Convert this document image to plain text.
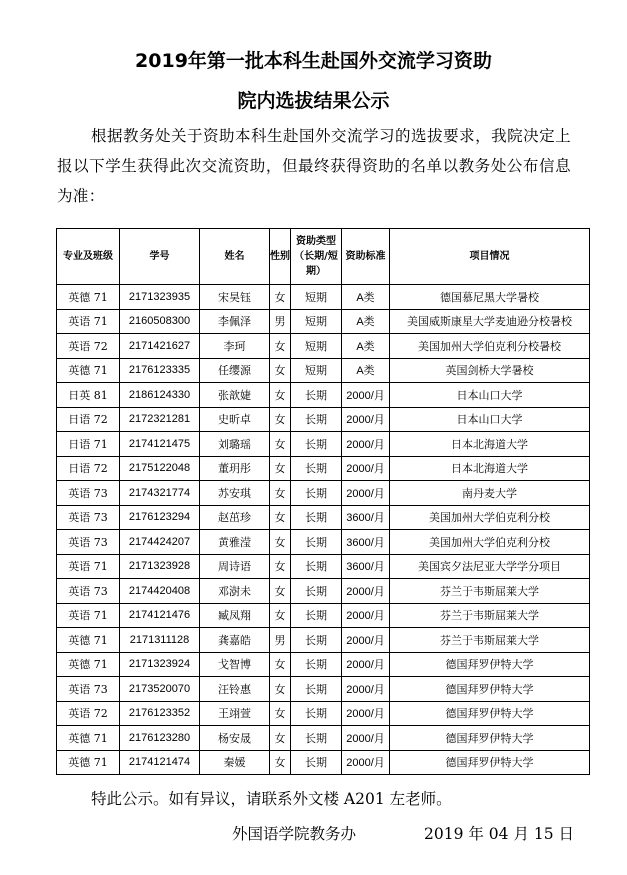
2019年第一批本科生赴国外交流学习资助
院内选拔结果公示
根据教务处关于资助本科生赴国外交流学习的选拔要求，我院决定上报以下学生获得此次交流资助，但最终获得资助的名单以教务处公布信息为准：
专业及班级	学号	姓名	性别	资助类型（长期/短期）	资助标准	项目情况
英德 71	2171323935	宋昊钰	女	短期	A类	德国慕尼黑大学暑校
英语 71	2160508300	李佩泽	男	短期	A类	美国威斯康星大学麦迪逊分校暑校
英语 72	2171421627	李珂	女	短期	A类	美国加州大学伯克利分校暑校
英德 71	2176123335	任缨源	女	短期	A类	英国剑桥大学暑校
日英 81	2186124330	张歆婕	女	长期	2000/月	日本山口大学
日语 72	2172321281	史昕卓	女	长期	2000/月	日本山口大学
日语 71	2174121475	刘璐瑶	女	长期	2000/月	日本北海道大学
日语 72	2175122048	董玥彤	女	长期	2000/月	日本北海道大学
英语 73	2174321774	苏安琪	女	长期	2000/月	南丹麦大学
英语 73	2176123294	赵茁珍	女	长期	3600/月	美国加州大学伯克利分校
英语 73	2174424207	黄雅滢	女	长期	3600/月	美国加州大学伯克利分校
英语 71	2171323928	周诗语	女	长期	3600/月	美国宾夕法尼亚大学学分项目
英语 73	2174420408	邓澍未	女	长期	2000/月	芬兰于韦斯屈莱大学
英语 71	2174121476	臧凤翔	女	长期	2000/月	芬兰于韦斯屈莱大学
英德 71	2171311128	龚嘉皓	男	长期	2000/月	芬兰于韦斯屈莱大学
英德 71	2171323924	戈智博	女	长期	2000/月	德国拜罗伊特大学
英语 73	2173520070	汪铃惠	女	长期	2000/月	德国拜罗伊特大学
英语 72	2176123352	王翊萱	女	长期	2000/月	德国拜罗伊特大学
英德 71	2176123280	杨安晟	女	长期	2000/月	德国拜罗伊特大学
英德 71	2174121474	秦媛	女	长期	2000/月	德国拜罗伊特大学
特此公示。如有异议，请联系外文楼 A201 左老师。
外国语学院教务办	2019 年 04 月 15 日
